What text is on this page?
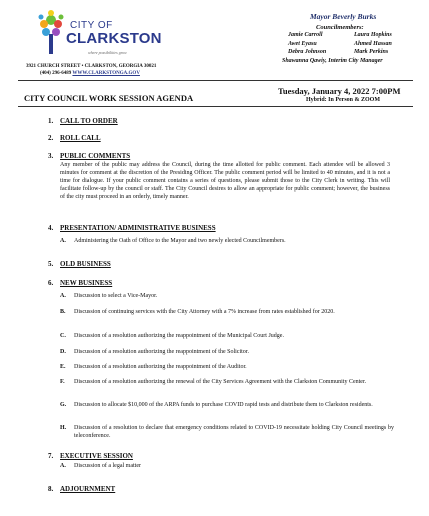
CITY OF
CLARKSTON
where possibilities grow
3921 CHURCH STREET • CLARKSTON, GEORGIA 30021
(404) 296-6489 WWW.CLARKSTONGA.GOV
Mayor Beverly Burks
Councilmembers:
Jamie Carroll	Laura Hopkins
Awet Eyasu	Ahmed Hassan
Debra Johnson	Mark Perkins
Shawanna Qawiy, Interim City Manager
CITY COUNCIL WORK SESSION AGENDA
Tuesday, January 4, 2022 7:00PM
Hybrid: In Person & ZOOM
1. CALL TO ORDER
2. ROLL CALL
3. PUBLIC COMMENTS
Any member of the public may address the Council, during the time allotted for public comment. Each attendee will be allowed 3 minutes for comment at the discretion of the Presiding Officer. The public comment period will be limited to 40 minutes, and it is not a time for dialogue. If your public comment contains a series of questions, please submit those to the City Clerk in writing. This will facilitate follow-up by the council or staff. The City Council desires to allow an appropriate for public comment; however, the business of the city must proceed in an orderly, timely manner.
4. PRESENTATION/ ADMINISTRATIVE BUSINESS
A. Administering the Oath of Office to the Mayor and two newly elected Councilmembers.
5. OLD BUSINESS
6. NEW BUSINESS
A. Discussion to select a Vice-Mayor.
B. Discussion of continuing services with the City Attorney with a 7% increase from rates established for 2020.
C. Discussion of a resolution authorizing the reappointment of the Municipal Court Judge.
D. Discussion of a resolution authorizing the reappointment of the Solicitor.
E. Discussion of a resolution authorizing the reappointment of the Auditor.
F. Discussion of a resolution authorizing the renewal of the City Services Agreement with the Clarkston Community Center.
G. Discussion to allocate $10,000 of the ARPA funds to purchase COVID rapid tests and distribute them to Clarkston residents.
H. Discussion of a resolution to declare that emergency conditions related to COVID-19 necessitate holding City Council meetings by teleconference.
7. EXECUTIVE SESSION
A. Discussion of a legal matter
8. ADJOURNMENT
